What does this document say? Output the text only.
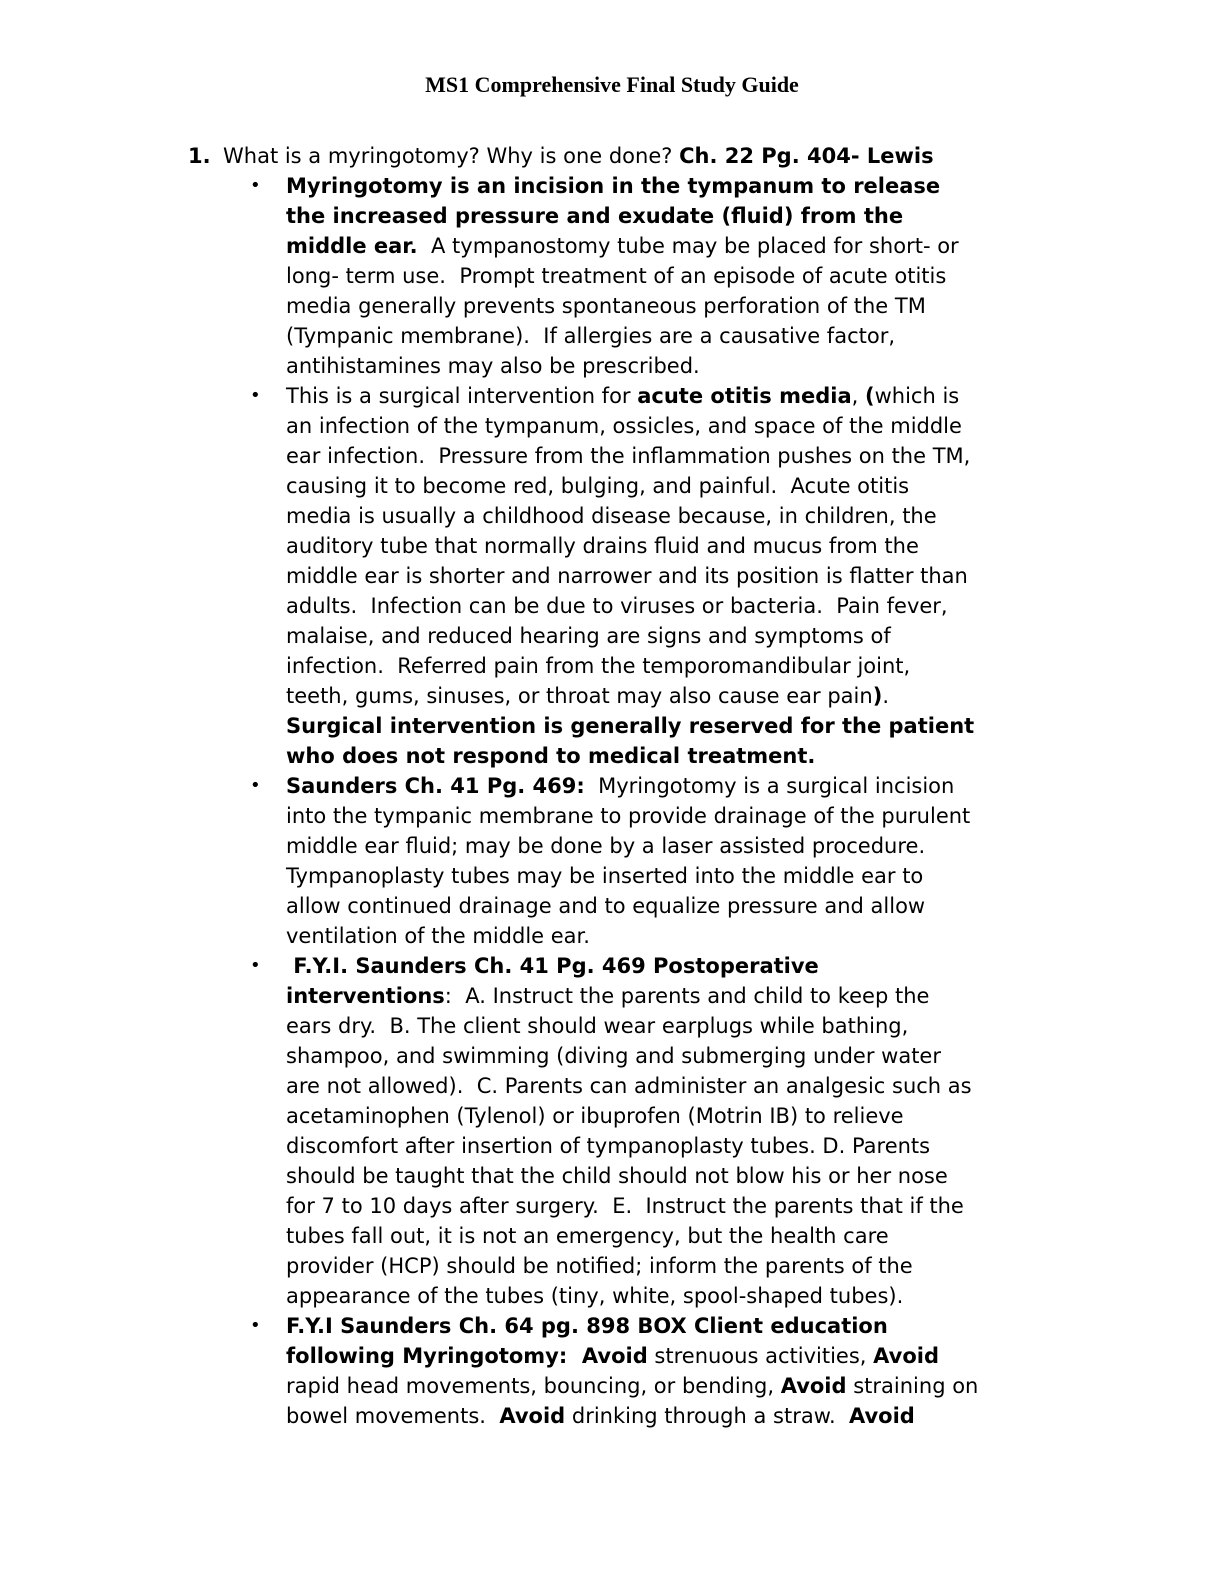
MS1 Comprehensive Final Study Guide

1. What is a myringotomy? Why is one done? Ch. 22 Pg. 404- Lewis

• Myringotomy is an incision in the tympanum to release
the increased pressure and exudate (fluid) from the
middle ear.  A tympanostomy tube may be placed for short- or
long- term use.  Prompt treatment of an episode of acute otitis
media generally prevents spontaneous perforation of the TM
(Tympanic membrane).  If allergies are a causative factor,
antihistamines may also be prescribed.
• This is a surgical intervention for acute otitis media, (which is
an infection of the tympanum, ossicles, and space of the middle
ear infection.  Pressure from the inflammation pushes on the TM,
causing it to become red, bulging, and painful.  Acute otitis
media is usually a childhood disease because, in children, the
auditory tube that normally drains fluid and mucus from the
middle ear is shorter and narrower and its position is flatter than
adults.  Infection can be due to viruses or bacteria.  Pain fever,
malaise, and reduced hearing are signs and symptoms of
infection.  Referred pain from the temporomandibular joint,
teeth, gums, sinuses, or throat may also cause ear pain).
Surgical intervention is generally reserved for the patient
who does not respond to medical treatment.
• Saunders Ch. 41 Pg. 469:  Myringotomy is a surgical incision
into the tympanic membrane to provide drainage of the purulent
middle ear fluid; may be done by a laser assisted procedure.
Tympanoplasty tubes may be inserted into the middle ear to
allow continued drainage and to equalize pressure and allow
ventilation of the middle ear.
• F.Y.I. Saunders Ch. 41 Pg. 469 Postoperative
interventions:  A. Instruct the parents and child to keep the
ears dry.  B. The client should wear earplugs while bathing,
shampoo, and swimming (diving and submerging under water
are not allowed).  C. Parents can administer an analgesic such as
acetaminophen (Tylenol) or ibuprofen (Motrin IB) to relieve
discomfort after insertion of tympanoplasty tubes. D. Parents
should be taught that the child should not blow his or her nose
for 7 to 10 days after surgery.  E.  Instruct the parents that if the
tubes fall out, it is not an emergency, but the health care
provider (HCP) should be notified; inform the parents of the
appearance of the tubes (tiny, white, spool-shaped tubes).
• F.Y.I Saunders Ch. 64 pg. 898 BOX Client education
following Myringotomy:  Avoid strenuous activities, Avoid
rapid head movements, bouncing, or bending, Avoid straining on
bowel movements.  Avoid drinking through a straw.  Avoid
